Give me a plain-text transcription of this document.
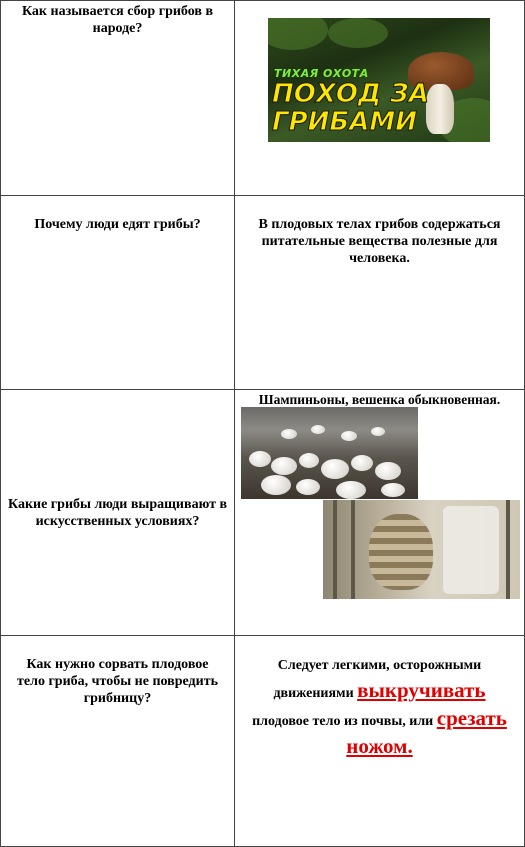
Как называется сбор грибов в народе?	ТИХАЯ ОХОТА
ПОХОД ЗА
ГРИБАМИ

Почему люди едят грибы?	В плодовых телах грибов содержаться питательные вещества полезные для человека.

Какие грибы люди выращивают в искусственных условиях?	Шампиньоны, вешенка обыкновенная.

Как нужно сорвать плодовое тело гриба, чтобы не повредить грибницу?	Следует легкими, осторожными движениями выкручивать плодовое тело из почвы, или срезать ножом.
